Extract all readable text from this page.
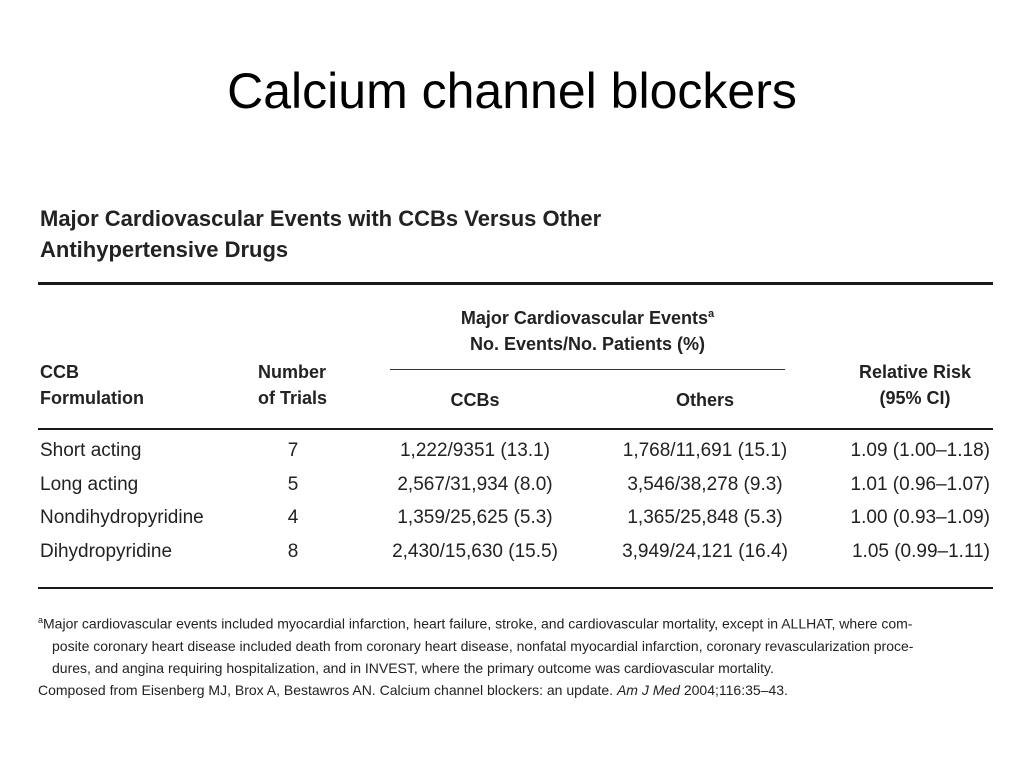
Calcium channel blockers
Major Cardiovascular Events with CCBs Versus Other
Antihypertensive Drugs
CCB
Formulation
Number
of Trials
Major Cardiovascular Events$^a$
No. Events/No. Patients (%)
CCBs	Others
Relative Risk
(95% CI)
Short acting	7	1,222/9351 (13.1)	1,768/11,691 (15.1)	1.09 (1.00–1.18)
Long acting	5	2,567/31,934 (8.0)	3,546/38,278 (9.3)	1.01 (0.96–1.07)
Nondihydropyridine	4	1,359/25,625 (5.3)	1,365/25,848 (5.3)	1.00 (0.93–1.09)
Dihydropyridine	8	2,430/15,630 (15.5)	3,949/24,121 (16.4)	1.05 (0.99–1.11)

$^a$Major cardiovascular events included myocardial infarction, heart failure, stroke, and cardiovascular mortality, except in ALLHAT, where com-

posite coronary heart disease included death from coronary heart disease, nonfatal myocardial infarction, coronary revascularization proce-

dures, and angina requiring hospitalization, and in INVEST, where the primary outcome was cardiovascular mortality.

Composed from Eisenberg MJ, Brox A, Bestawros AN. Calcium channel blockers: an update. Am J Med 2004;116:35–43.
